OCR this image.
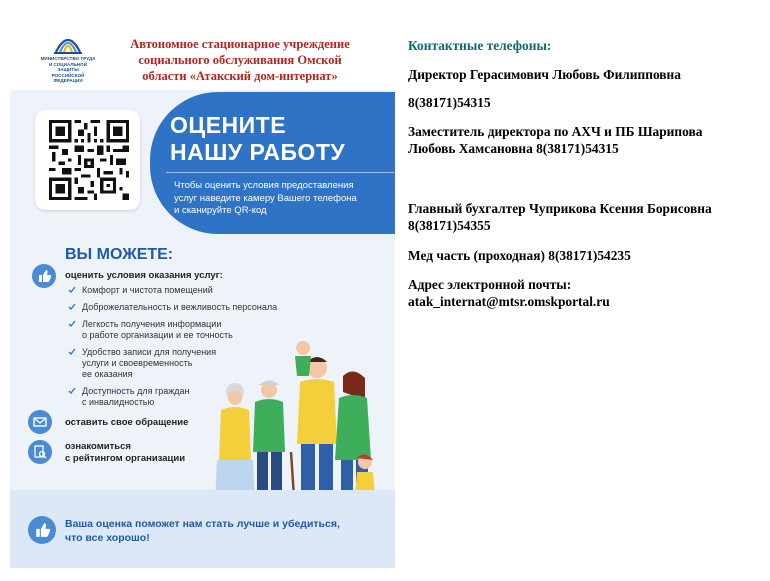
МИНИСТЕРСТВО ТРУДА
И СОЦИАЛЬНОЙ ЗАЩИТЫ
РОССИЙСКОЙ ФЕДЕРАЦИИ
Автономное стационарное учреждение
социального обслуживания Омской
области «Атакский дом-интернат»
ОЦЕНИТЕ
НАШУ РАБОТУ
Чтобы оценить условия предоставления
услуг наведите камеру Вашего телефона
и сканируйте QR-код
ВЫ МОЖЕТЕ:
оценить условия оказания услуг:
Комфорт и чистота помещений
Доброжелательность и вежливость персонала
Легкость получения информации
о работе организации и ее точность
Удобство записи для получения
услуги и своевременность
ее оказания
Доступность для граждан
с инвалидностью
оставить свое обращение
ознакомиться
с рейтингом организации
Ваша оценка поможет нам стать лучше и убедиться,
что все хорошо!
Контактные телефоны:
Директор Герасимович Любовь Филипповна
8(38171)54315
Заместитель директора по АХЧ и ПБ Шарипова
Любовь Хамсановна 8(38171)54315
Главный бухгалтер Чуприкова Ксения Борисовна
8(38171)54355
Мед часть (проходная) 8(38171)54235
Адрес электронной почты:
atak_internat@mtsr.omskportal.ru
